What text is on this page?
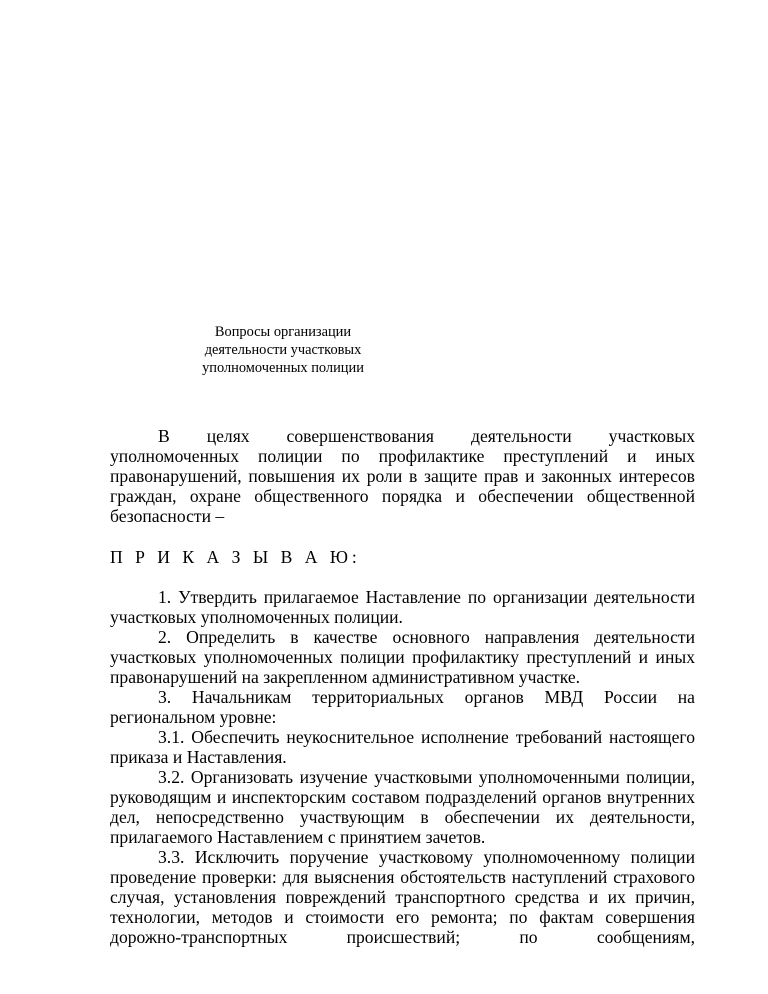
Вопросы организации
деятельности участковых
уполномоченных полиции

В целях совершенствования деятельности участковых уполномоченных полиции по профилактике преступлений и иных правонарушений, повышения их роли в защите прав и законных интересов граждан, охране общественного порядка и обеспечении общественной безопасности –

П Р И К А З Ы В А Ю:

1. Утвердить прилагаемое Наставление по организации деятельности участковых уполномоченных полиции.

2. Определить в качестве основного направления деятельности участковых уполномоченных полиции профилактику преступлений и иных правонарушений на закрепленном административном участке.

3. Начальникам территориальных органов МВД России на региональном уровне:

3.1. Обеспечить неукоснительное исполнение требований настоящего приказа и Наставления.

3.2. Организовать изучение участковыми уполномоченными полиции, руководящим и инспекторским составом подразделений органов внутренних дел, непосредственно участвующим в обеспечении их деятельности, прилагаемого Наставлением с принятием зачетов.

3.3. Исключить поручение участковому уполномоченному полиции проведение проверки: для выяснения обстоятельств наступлений страхового случая, установления повреждений транспортного средства и их причин, технологии, методов и стоимости его ремонта; по фактам совершения дорожно-транспортных происшествий; по сообщениям,
